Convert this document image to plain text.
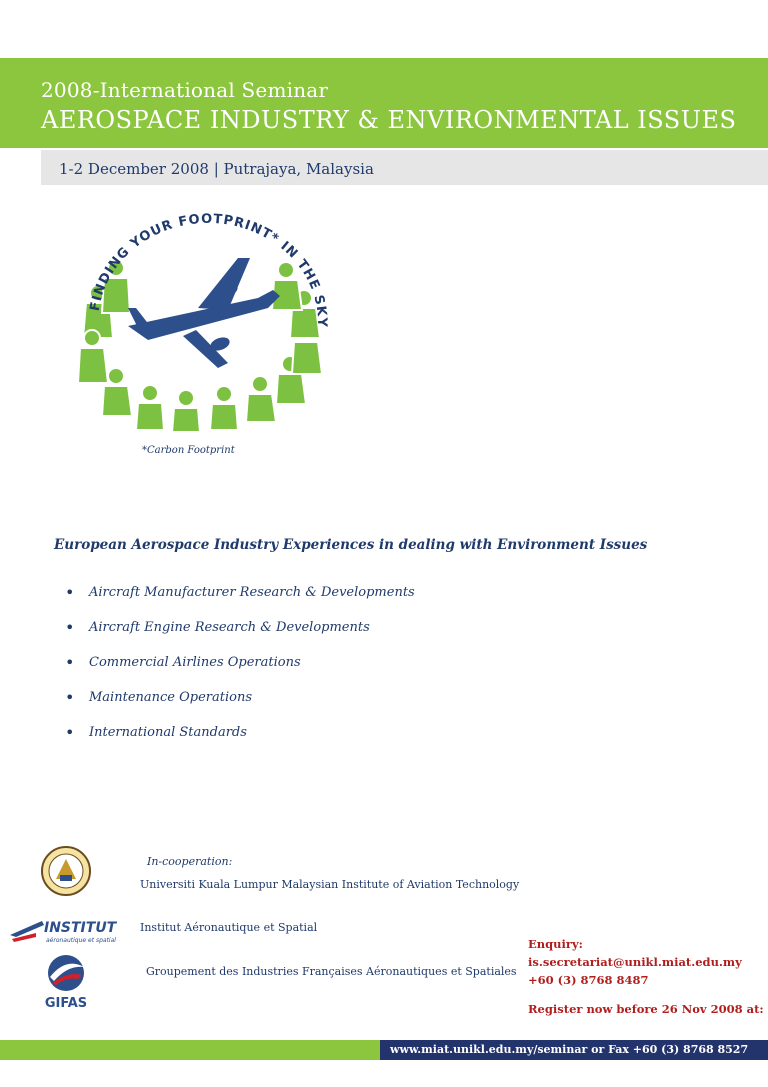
2008-International Seminar
AEROSPACE INDUSTRY & ENVIRONMENTAL ISSUES
1-2 December 2008 | Putrajaya, Malaysia
FINDING YOUR FOOTPRINT* IN THE SKY
*Carbon Footprint
European Aerospace Industry Experiences in dealing with Environment Issues
• Aircraft Manufacturer Research & Developments
• Aircraft Engine Research & Developments
• Commercial Airlines Operations
• Maintenance Operations
• International Standards
INSTITUT
aéronautique et spatial
GIFAS
In-cooperation:
Universiti Kuala Lumpur Malaysian Institute of Aviation Technology
Institut Aéronautique et Spatial
Groupement des Industries Françaises Aéronautiques et Spatiales
Enquiry:
is.secretariat@unikl.miat.edu.my
+60 (3) 8768 8487
Register now before 26 Nov 2008 at:
www.miat.unikl.edu.my/seminar or Fax +60 (3) 8768 8527
